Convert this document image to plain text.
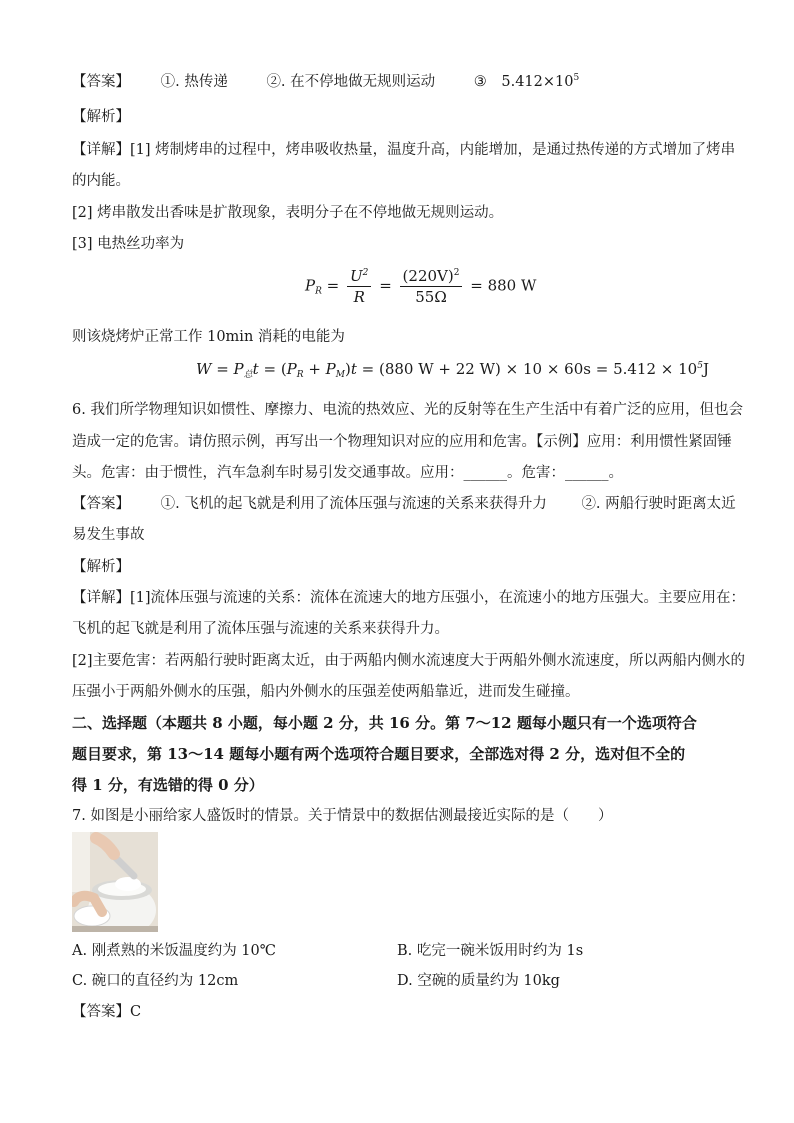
【答案】 ①. 热传递	②. 在不停地做无规则运动	③ $5.412\times 10^5$
【解析】
【详解】[1] 烤制烤串的过程中，烤串吸收热量，温度升高，内能增加，是通过热传递的方式增加了烤串
的内能。
[2] 烤串散发出香味是扩散现象，表明分子在不停地做无规则运动。
[3] 电热丝功率为
$P_R = \frac{U^2}{R} = \frac{(220V)^2}{55\Omega} = 880$ W
则该烧烤炉正常工作 10min 消耗的电能为
$W = P_总t = (P_R + P_M)t = (880$ W + 22 $W) \times 10 \times 60s = 5.412 \times 10^5J$
6. 我们所学物理知识如惯性、摩擦力、电流的热效应、光的反射等在生产生活中有着广泛的应用，但也会
造成一定的危害。请仿照示例，再写出一个物理知识对应的应用和危害。【示例】应用：利用惯性紧固锤
头。危害：由于惯性，汽车急刹车时易引发交通事故。应用：______。危害：______。
【答案】 ①. 飞机的起飞就是利用了流体压强与流速的关系来获得升力 ②. 两船行驶时距离太近
易发生事故
【解析】
【详解】[1]流体压强与流速的关系：流体在流速大的地方压强小，在流速小的地方压强大。主要应用在：
飞机的起飞就是利用了流体压强与流速的关系来获得升力。
[2]主要危害：若两船行驶时距离太近，由于两船内侧水流速度大于两船外侧水流速度，所以两船内侧水的
压强小于两船外侧水的压强，船内外侧水的压强差使两船靠近，进而发生碰撞。
二、选择题（本题共 8 小题，每小题 2 分，共 16 分。第 7～12 题每小题只有一个选项符合
题目要求，第 13～14 题每小题有两个选项符合题目要求，全部选对得 2 分，选对但不全的
得 1 分，有选错的得 0 分）
7. 如图是小丽给家人盛饭时的情景。关于情景中的数据估测最接近实际的是（　　）
A. 刚煮熟的米饭温度约为 10℃	B. 吃完一碗米饭用时约为 1s
C. 碗口的直径约为 12cm	D. 空碗的质量约为 10kg
【答案】C
